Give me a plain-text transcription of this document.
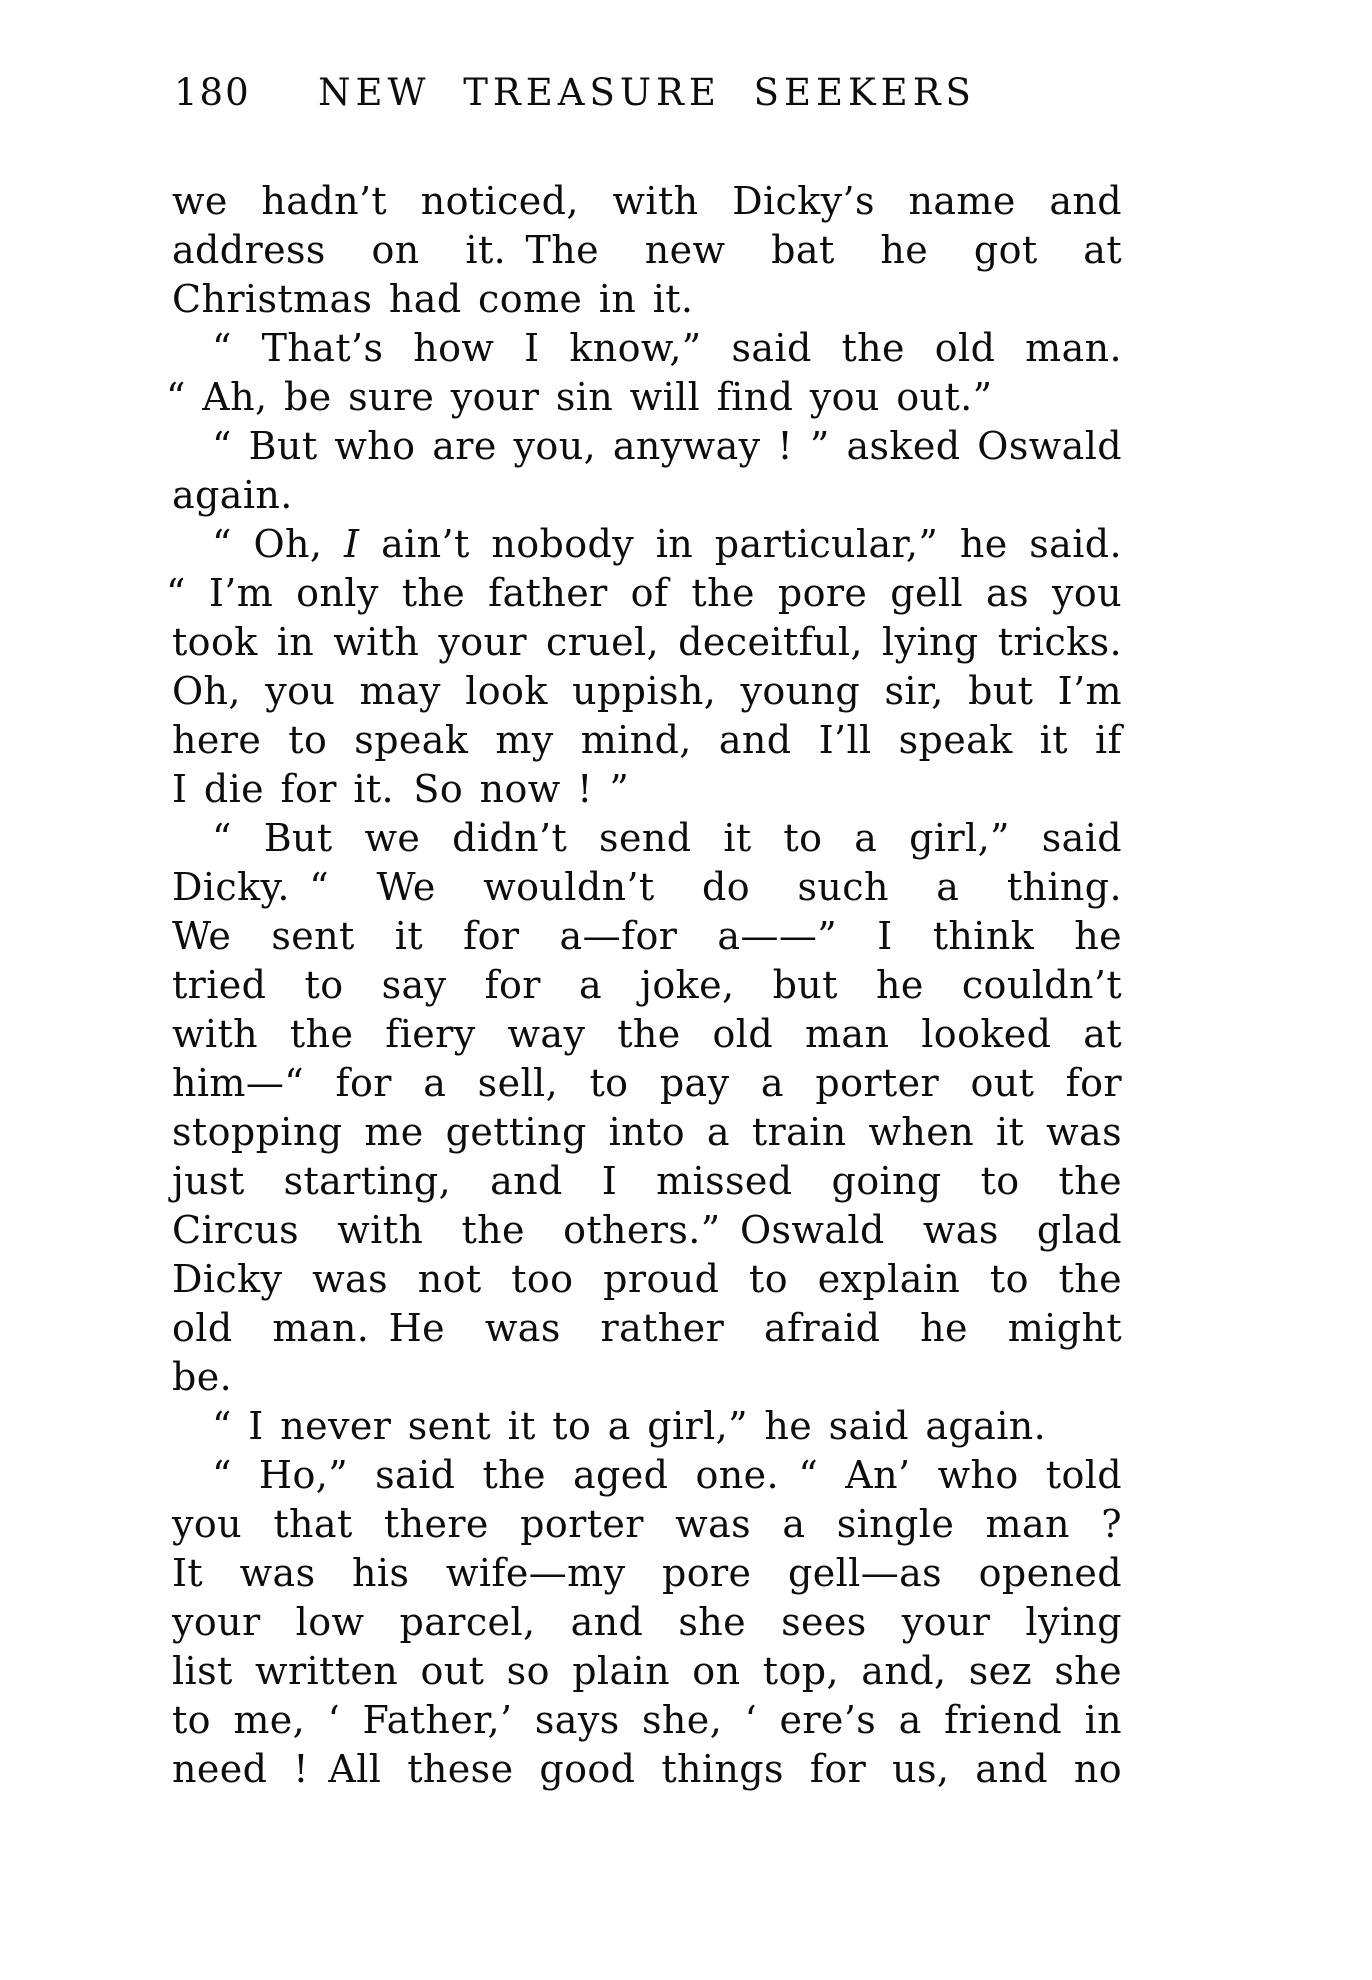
180	NEW TREASURE SEEKERS
we hadn’t noticed, with Dicky’s name and
address on it. The new bat he got at
Christmas had come in it.
“ That’s how I know,” said the old man.
“ Ah, be sure your sin will find you out.”
“ But who are you, anyway ! ” asked Oswald
again.
“ Oh, I ain’t nobody in particular,” he said.
“ I’m only the father of the pore gell as you
took in with your cruel, deceitful, lying tricks.
Oh, you may look uppish, young sir, but I’m
here to speak my mind, and I’ll speak it if
I die for it. So now ! ”
“ But we didn’t send it to a girl,” said
Dicky. “ We wouldn’t do such a thing.
We sent it for a—for a——” I think he
tried to say for a joke, but he couldn’t
with the fiery way the old man looked at
him—“ for a sell, to pay a porter out for
stopping me getting into a train when it was
just starting, and I missed going to the
Circus with the others.” Oswald was glad
Dicky was not too proud to explain to the
old man. He was rather afraid he might
be.
“ I never sent it to a girl,” he said again.
“ Ho,” said the aged one. “ An’ who told
you that there porter was a single man ?
It was his wife—my pore gell—as opened
your low parcel, and she sees your lying
list written out so plain on top, and, sez she
to me, ‘ Father,’ says she, ‘ ere’s a friend in
need ! All these good things for us, and no
